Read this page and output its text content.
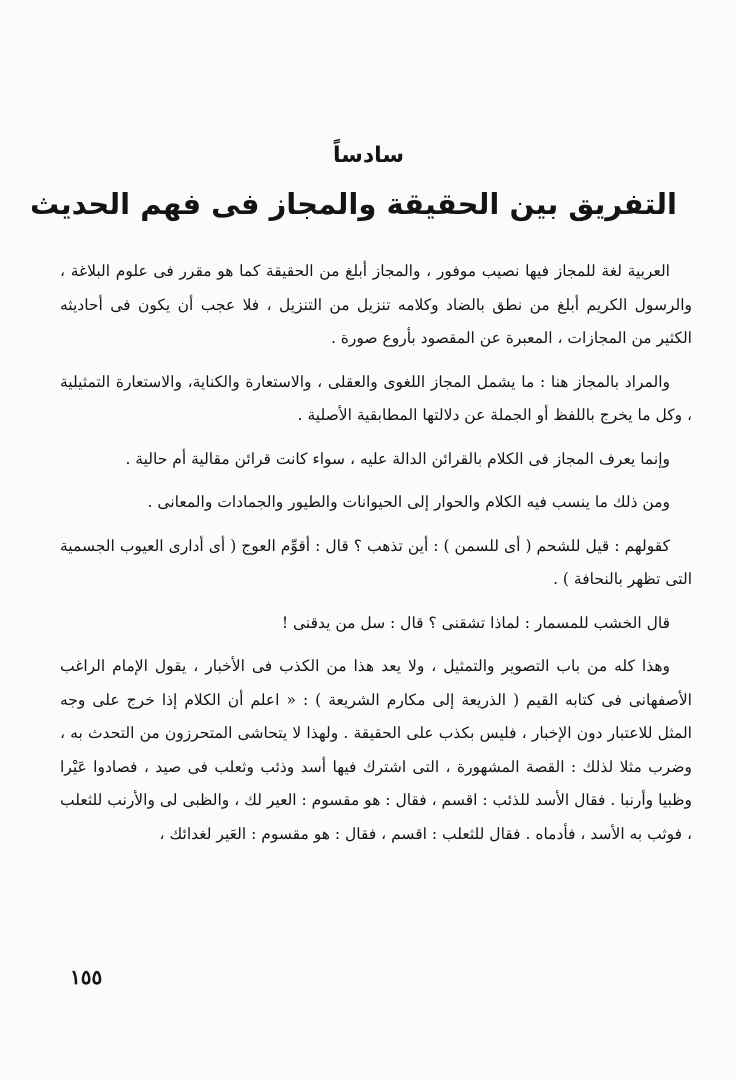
سادساً
التفريق بين الحقيقة والمجاز فى فهم الحديث

العربية لغة للمجاز فيها نصيب موفور ، والمجاز أبلغ من الحقيقة كما هو مقرر فى علوم البلاغة ، والرسول الكريم أبلغ من نطق بالضاد وكلامه تنزيل من التنزيل ، فلا عجب أن يكون فى أحاديثه الكثير من المجازات ، المعبرة عن المقصود بأروع صورة .

والمراد بالمجاز هنا : ما يشمل المجاز اللغوى والعقلى ، والاستعارة والكناية، والاستعارة التمثيلية ، وكل ما يخرج باللفظ أو الجملة عن دلالتها المطابقية الأصلية .

وإنما يعرف المجاز فى الكلام بالقرائن الدالة عليه ، سواء كانت قرائن مقالية أم حالية .

ومن ذلك ما ينسب فيه الكلام والحوار إلى الحيوانات والطيور والجمادات والمعانى .

كقولهم : قيل للشحم ( أى للسمن ) : أين تذهب ؟ قال : أقوِّم العوج ( أى أدارى العيوب الجسمية التى تظهر بالنحافة ) .

قال الخشب للمسمار : لماذا تشقنى ؟ قال : سل من يدقنى !

وهذا كله من باب التصوير والتمثيل ، ولا يعد هذا من الكذب فى الأخبار ، يقول الإمام الراغب الأصفهانى فى كتابه القيم ( الذريعة إلى مكارم الشريعة ) : « اعلم أن الكلام إذا خرج على وجه المثل للاعتبار دون الإخبار ، فليس بكذب على الحقيقة . ولهذا لا يتحاشى المتحرزون من التحدث به ، وضرب مثلا لذلك : القصة المشهورة ، التى اشترك فيها أسد وذئب وثعلب فى صيد ، فصادوا عَيْرا وظبيا وأرنبا . فقال الأسد للذئب : اقسم ، فقال : هو مقسوم : العير لك ، والظبى لى والأرنب للثعلب ، فوثب به الأسد ، فأدماه . فقال للثعلب : اقسم ، فقال : هو مقسوم : العَير لغدائك ،

١٥٥
